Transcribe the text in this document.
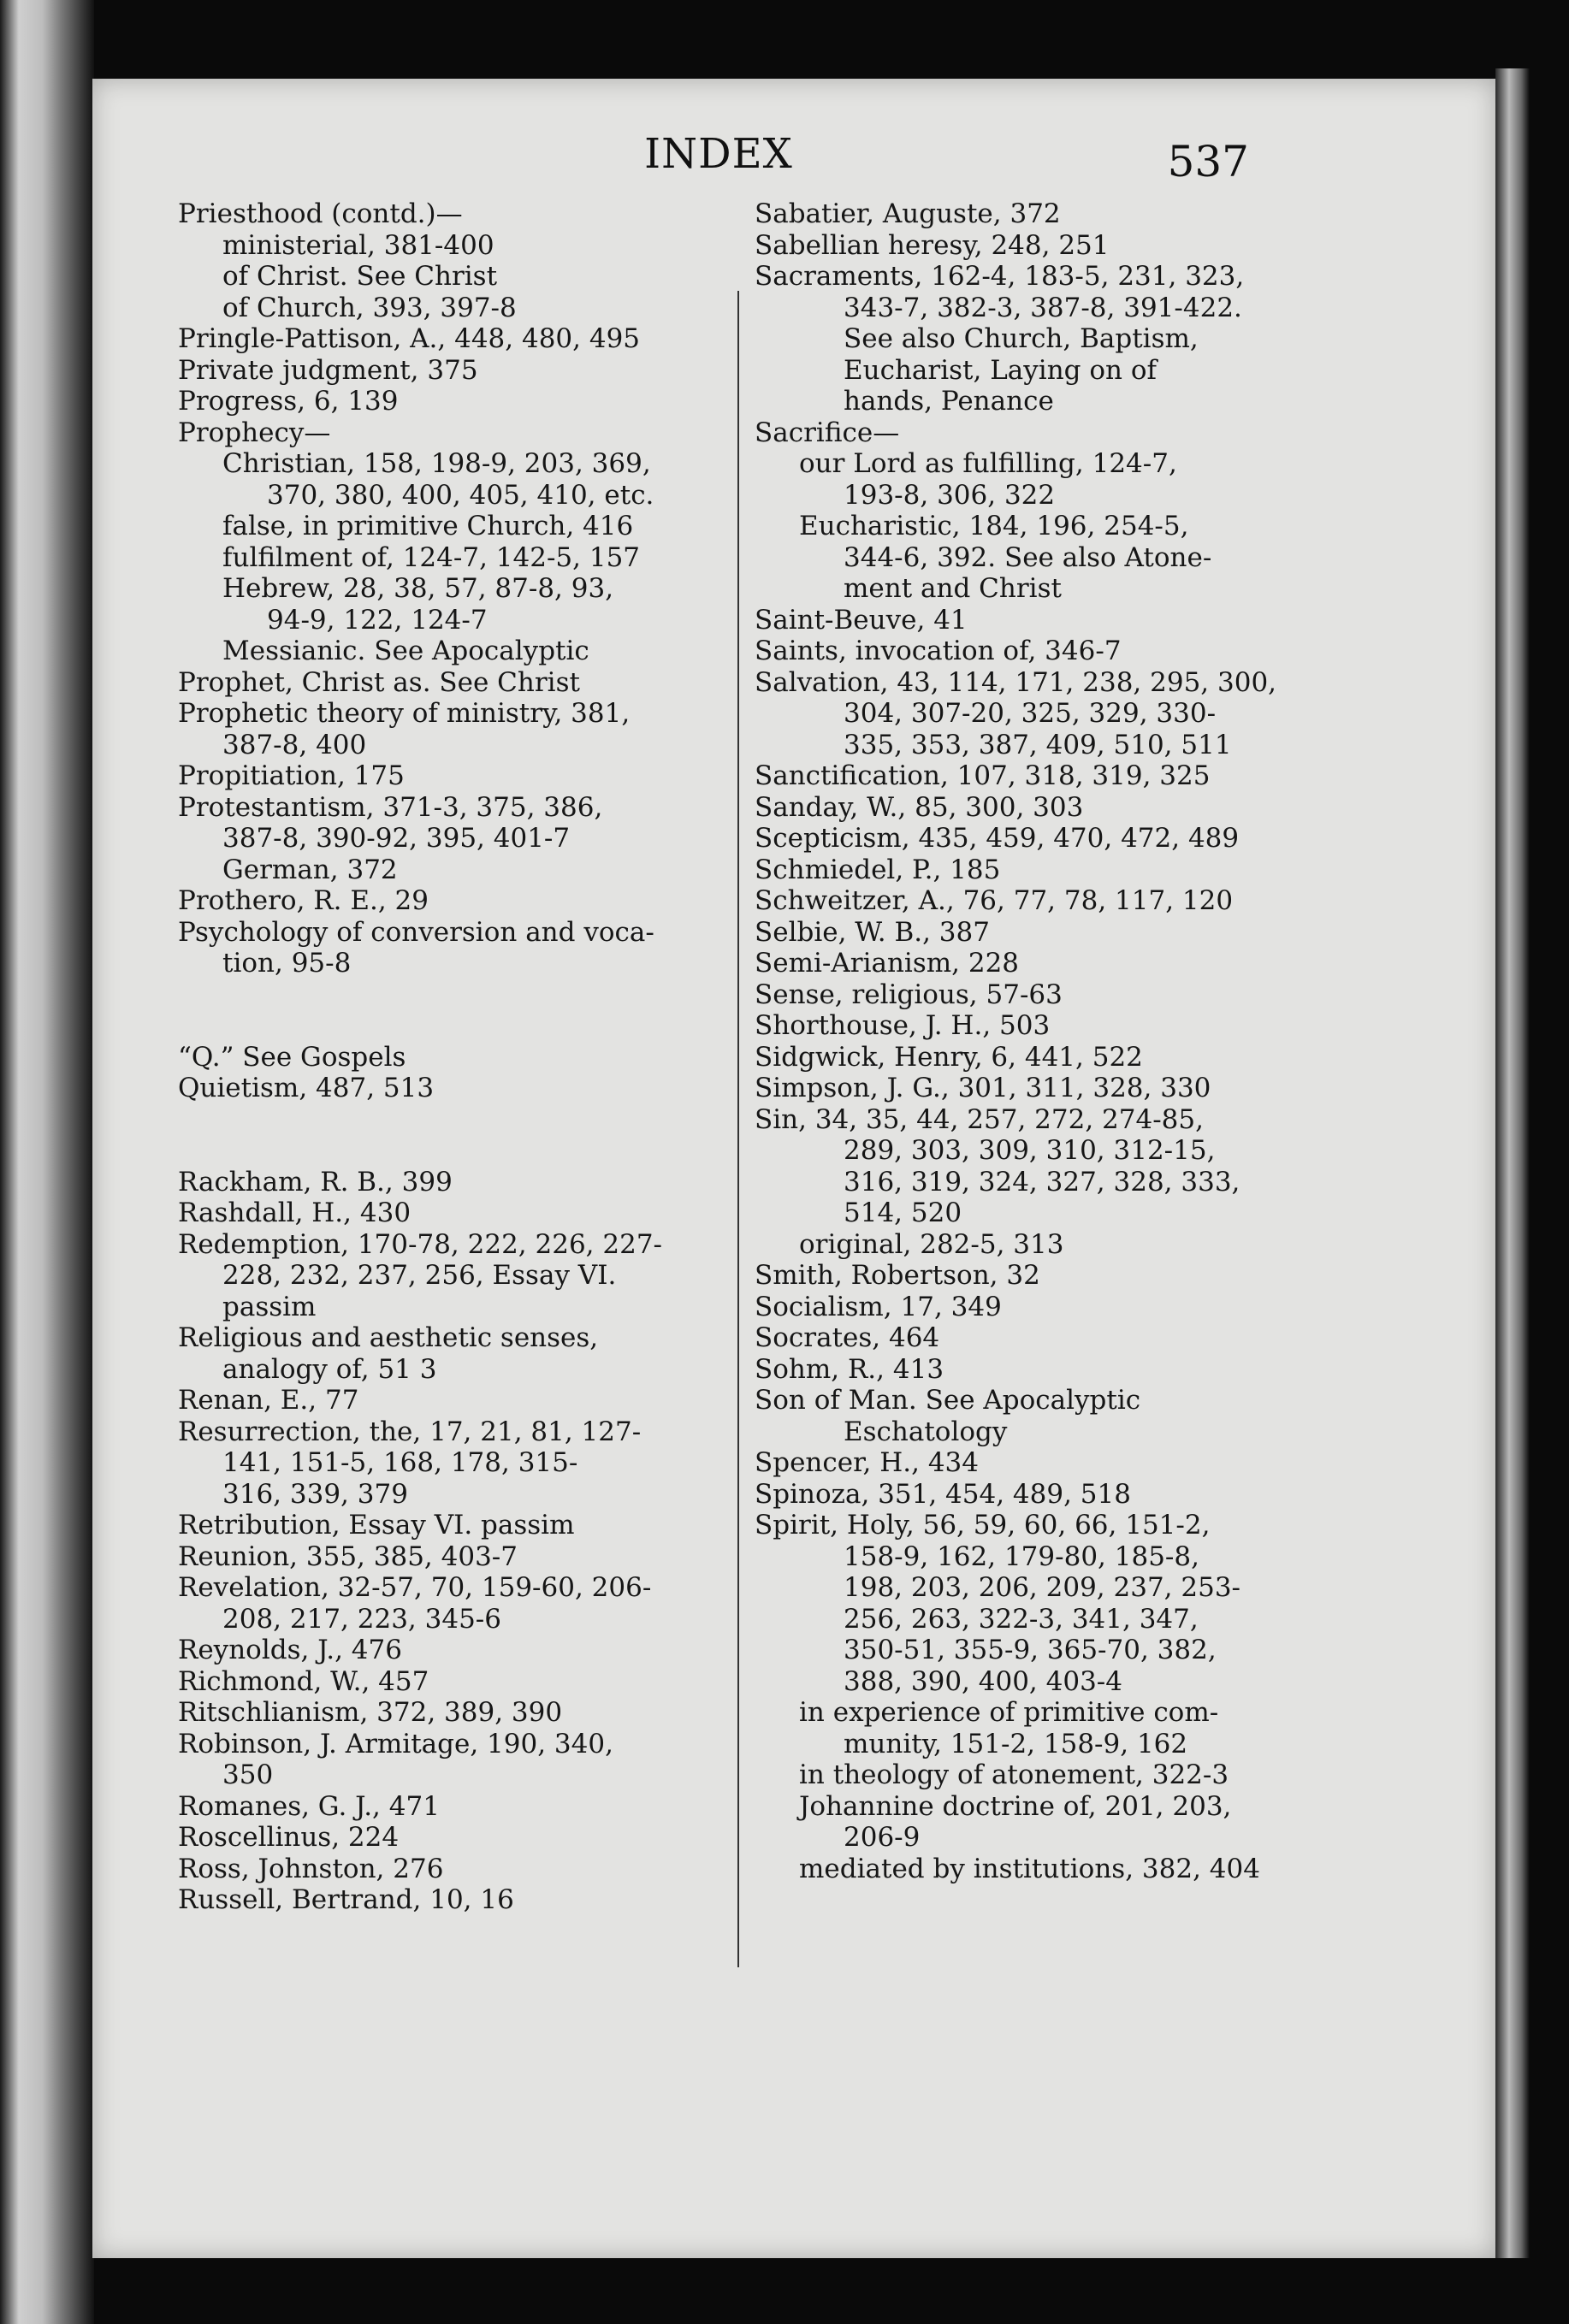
INDEX	537
Priesthood (contd.)—
ministerial, 381-400
of Christ. See Christ
of Church, 393, 397-8
Pringle-Pattison, A., 448, 480, 495
Private judgment, 375
Progress, 6, 139
Prophecy—
Christian, 158, 198-9, 203, 369,
370, 380, 400, 405, 410, etc.
false, in primitive Church, 416
fulfilment of, 124-7, 142-5, 157
Hebrew, 28, 38, 57, 87-8, 93,
94-9, 122, 124-7
Messianic. See Apocalyptic
Prophet, Christ as. See Christ
Prophetic theory of ministry, 381,
387-8, 400
Propitiation, 175
Protestantism, 371-3, 375, 386,
387-8, 390-92, 395, 401-7
German, 372
Prothero, R. E., 29
Psychology of conversion and voca-
tion, 95-8
“Q.” See Gospels
Quietism, 487, 513
Rackham, R. B., 399
Rashdall, H., 430
Redemption, 170-78, 222, 226, 227-
228, 232, 237, 256, Essay VI.
passim
Religious and aesthetic senses,
analogy of, 51 3
Renan, E., 77
Resurrection, the, 17, 21, 81, 127-
141, 151-5, 168, 178, 315-
316, 339, 379
Retribution, Essay VI. passim
Reunion, 355, 385, 403-7
Revelation, 32-57, 70, 159-60, 206-
208, 217, 223, 345-6
Reynolds, J., 476
Richmond, W., 457
Ritschlianism, 372, 389, 390
Robinson, J. Armitage, 190, 340,
350
Romanes, G. J., 471
Roscellinus, 224
Ross, Johnston, 276
Russell, Bertrand, 10, 16
Sabatier, Auguste, 372
Sabellian heresy, 248, 251
Sacraments, 162-4, 183-5, 231, 323,
343-7, 382-3, 387-8, 391-422.
See also Church, Baptism,
Eucharist, Laying on of
hands, Penance
Sacrifice—
our Lord as fulfilling, 124-7,
193-8, 306, 322
Eucharistic, 184, 196, 254-5,
344-6, 392. See also Atone-
ment and Christ
Saint-Beuve, 41
Saints, invocation of, 346-7
Salvation, 43, 114, 171, 238, 295, 300,
304, 307-20, 325, 329, 330-
335, 353, 387, 409, 510, 511
Sanctification, 107, 318, 319, 325
Sanday, W., 85, 300, 303
Scepticism, 435, 459, 470, 472, 489
Schmiedel, P., 185
Schweitzer, A., 76, 77, 78, 117, 120
Selbie, W. B., 387
Semi-Arianism, 228
Sense, religious, 57-63
Shorthouse, J. H., 503
Sidgwick, Henry, 6, 441, 522
Simpson, J. G., 301, 311, 328, 330
Sin, 34, 35, 44, 257, 272, 274-85,
289, 303, 309, 310, 312-15,
316, 319, 324, 327, 328, 333,
514, 520
original, 282-5, 313
Smith, Robertson, 32
Socialism, 17, 349
Socrates, 464
Sohm, R., 413
Son of Man. See Apocalyptic
Eschatology
Spencer, H., 434
Spinoza, 351, 454, 489, 518
Spirit, Holy, 56, 59, 60, 66, 151-2,
158-9, 162, 179-80, 185-8,
198, 203, 206, 209, 237, 253-
256, 263, 322-3, 341, 347,
350-51, 355-9, 365-70, 382,
388, 390, 400, 403-4
in experience of primitive com-
munity, 151-2, 158-9, 162
in theology of atonement, 322-3
Johannine doctrine of, 201, 203,
206-9
mediated by institutions, 382, 404
